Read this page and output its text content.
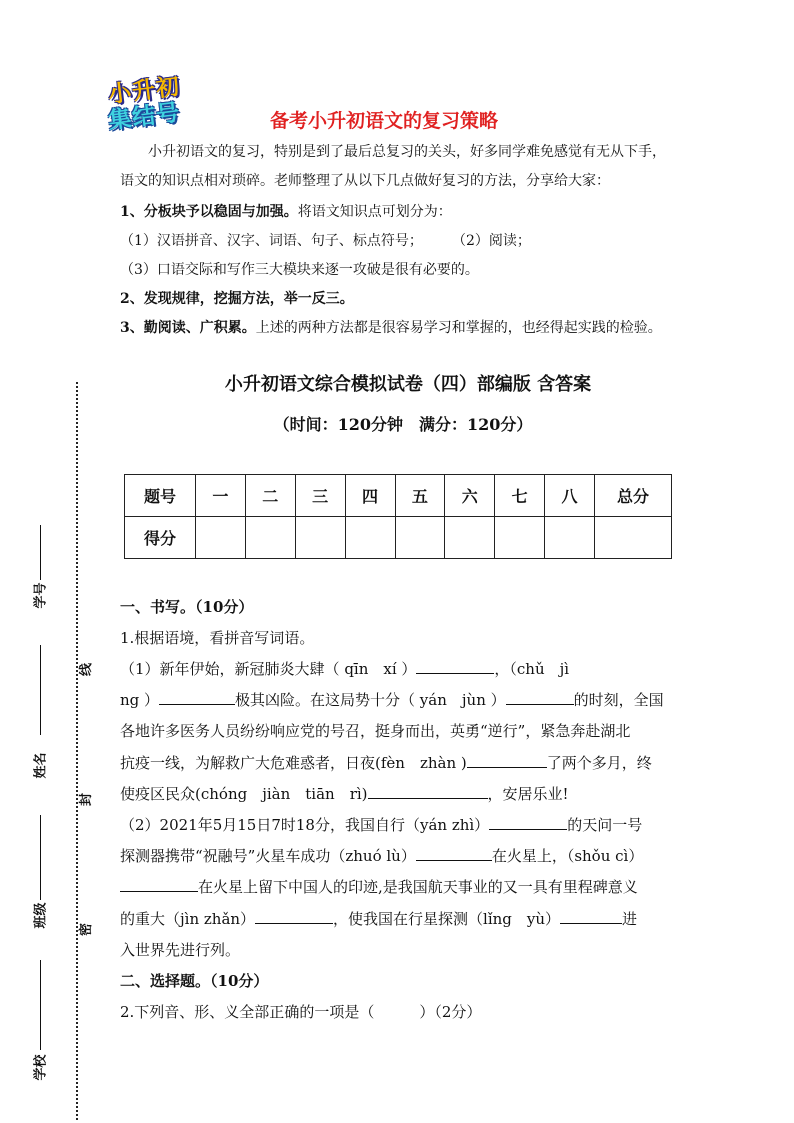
小升初
集结号	备考小升初语文的复习策略
小升初语文的复习，特别是到了最后总复习的关头，好多同学难免感觉有无从下手，
语文的知识点相对琐碎。老师整理了从以下几点做好复习的方法，分享给大家：
1、分板块予以稳固与加强。将语文知识点可划分为：
（1）汉语拼音、汉字、词语、句子、标点符号； （2）阅读；
（3）口语交际和写作三大模块来逐一攻破是很有必要的。
2、发现规律，挖掘方法，举一反三。
3、勤阅读、广积累。上述的两种方法都是很容易学习和掌握的，也经得起实践的检验。
小升初语文综合模拟试卷（四）部编版 含答案
（时间：120分钟　满分：120分）
题号	一	二	三	四	五	六	七	八	总分
得分									
学号
姓名
班级
学校
线
封
密
一、书写。（10分）
1.根据语境，看拼音写词语。
（1）新年伊始，新冠肺炎大肆（ qīn　xí ）	，（chǔ　jì
ng ）	极其凶险。在这局势十分（ yán　jùn ）	的时刻，全国
各地许多医务人员纷纷响应党的号召，挺身而出，英勇“逆行”，紧急奔赴湖北
抗疫一线，为解救广大危难惑者，日夜(fèn　zhàn )	了两个多月，终
使疫区民众(chóng　jiàn　tiān　rì)	，安居乐业!
（2）2021年5月15日7时18分，我国自行（yán zhì）	的天问一号
探测器携带“祝融号”火星车成功（zhuó lù）	在火星上，（shǒu cì）
在火星上留下中国人的印迹,是我国航天事业的又一具有里程碑意义
的重大（jìn zhǎn）	，使我国在行星探测（lǐng　yù）	进
入世界先进行列。
二、选择题。（10分）
2.下列音、形、义全部正确的一项是（　　　）（2分）
